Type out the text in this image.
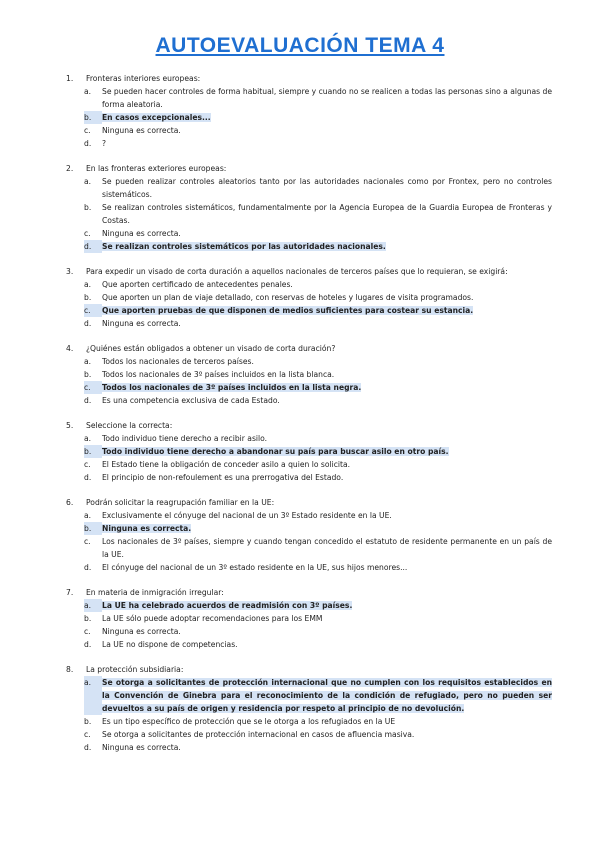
AUTOEVALUACIÓN TEMA 4
1.	Fronteras interiores europeas:
a.	Se pueden hacer controles de forma habitual, siempre y cuando no se realicen a todas las personas sino a algunas de forma aleatoria.
b.	En casos excepcionales...
c.	Ninguna es correcta.
d.	?
2.	En las fronteras exteriores europeas:
a.	Se pueden realizar controles aleatorios tanto por las autoridades nacionales como por Frontex, pero no controles sistemáticos.
b.	Se realizan controles sistemáticos, fundamentalmente por la Agencia Europea de la Guardia Europea de Fronteras y Costas.
c.	Ninguna es correcta.
d.	Se realizan controles sistemáticos por las autoridades nacionales.
3.	Para expedir un visado de corta duración a aquellos nacionales de terceros países que lo requieran, se exigirá:
a.	Que aporten certificado de antecedentes penales.
b.	Que aporten un plan de viaje detallado, con reservas de hoteles y lugares de visita programados.
c.	Que aporten pruebas de que disponen de medios suficientes para costear su estancia.
d.	Ninguna es correcta.
4.	¿Quiénes están obligados a obtener un visado de corta duración?
a.	Todos los nacionales de terceros países.
b.	Todos los nacionales de 3º países incluidos en la lista blanca.
c.	Todos los nacionales de 3º países incluidos en la lista negra.
d.	Es una competencia exclusiva de cada Estado.
5.	Seleccione la correcta:
a.	Todo individuo tiene derecho a recibir asilo.
b.	Todo individuo tiene derecho a abandonar su país para buscar asilo en otro país.
c.	El Estado tiene la obligación de conceder asilo a quien lo solicita.
d.	El principio de non-refoulement es una prerrogativa del Estado.
6.	Podrán solicitar la reagrupación familiar en la UE:
a.	Exclusivamente el cónyuge del nacional de un 3º Estado residente en la UE.
b.	Ninguna es correcta.
c.	Los nacionales de 3º países, siempre y cuando tengan concedido el estatuto de residente permanente en un país de la UE.
d.	El cónyuge del nacional de un 3º estado residente en la UE, sus hijos menores...
7.	En materia de inmigración irregular:
a.	La UE ha celebrado acuerdos de readmisión con 3º países.
b.	La UE sólo puede adoptar recomendaciones para los EMM
c.	Ninguna es correcta.
d.	La UE no dispone de competencias.
8.	La protección subsidiaria:
a.	Se otorga a solicitantes de protección internacional que no cumplen con los requisitos establecidos en la Convención de Ginebra para el reconocimiento de la condición de refugiado, pero no pueden ser devueltos a su país de origen y residencia por respeto al principio de no devolución.
b.	Es un tipo específico de protección que se le otorga a los refugiados en la UE
c.	Se otorga a solicitantes de protección internacional en casos de afluencia masiva.
d.	Ninguna es correcta.
